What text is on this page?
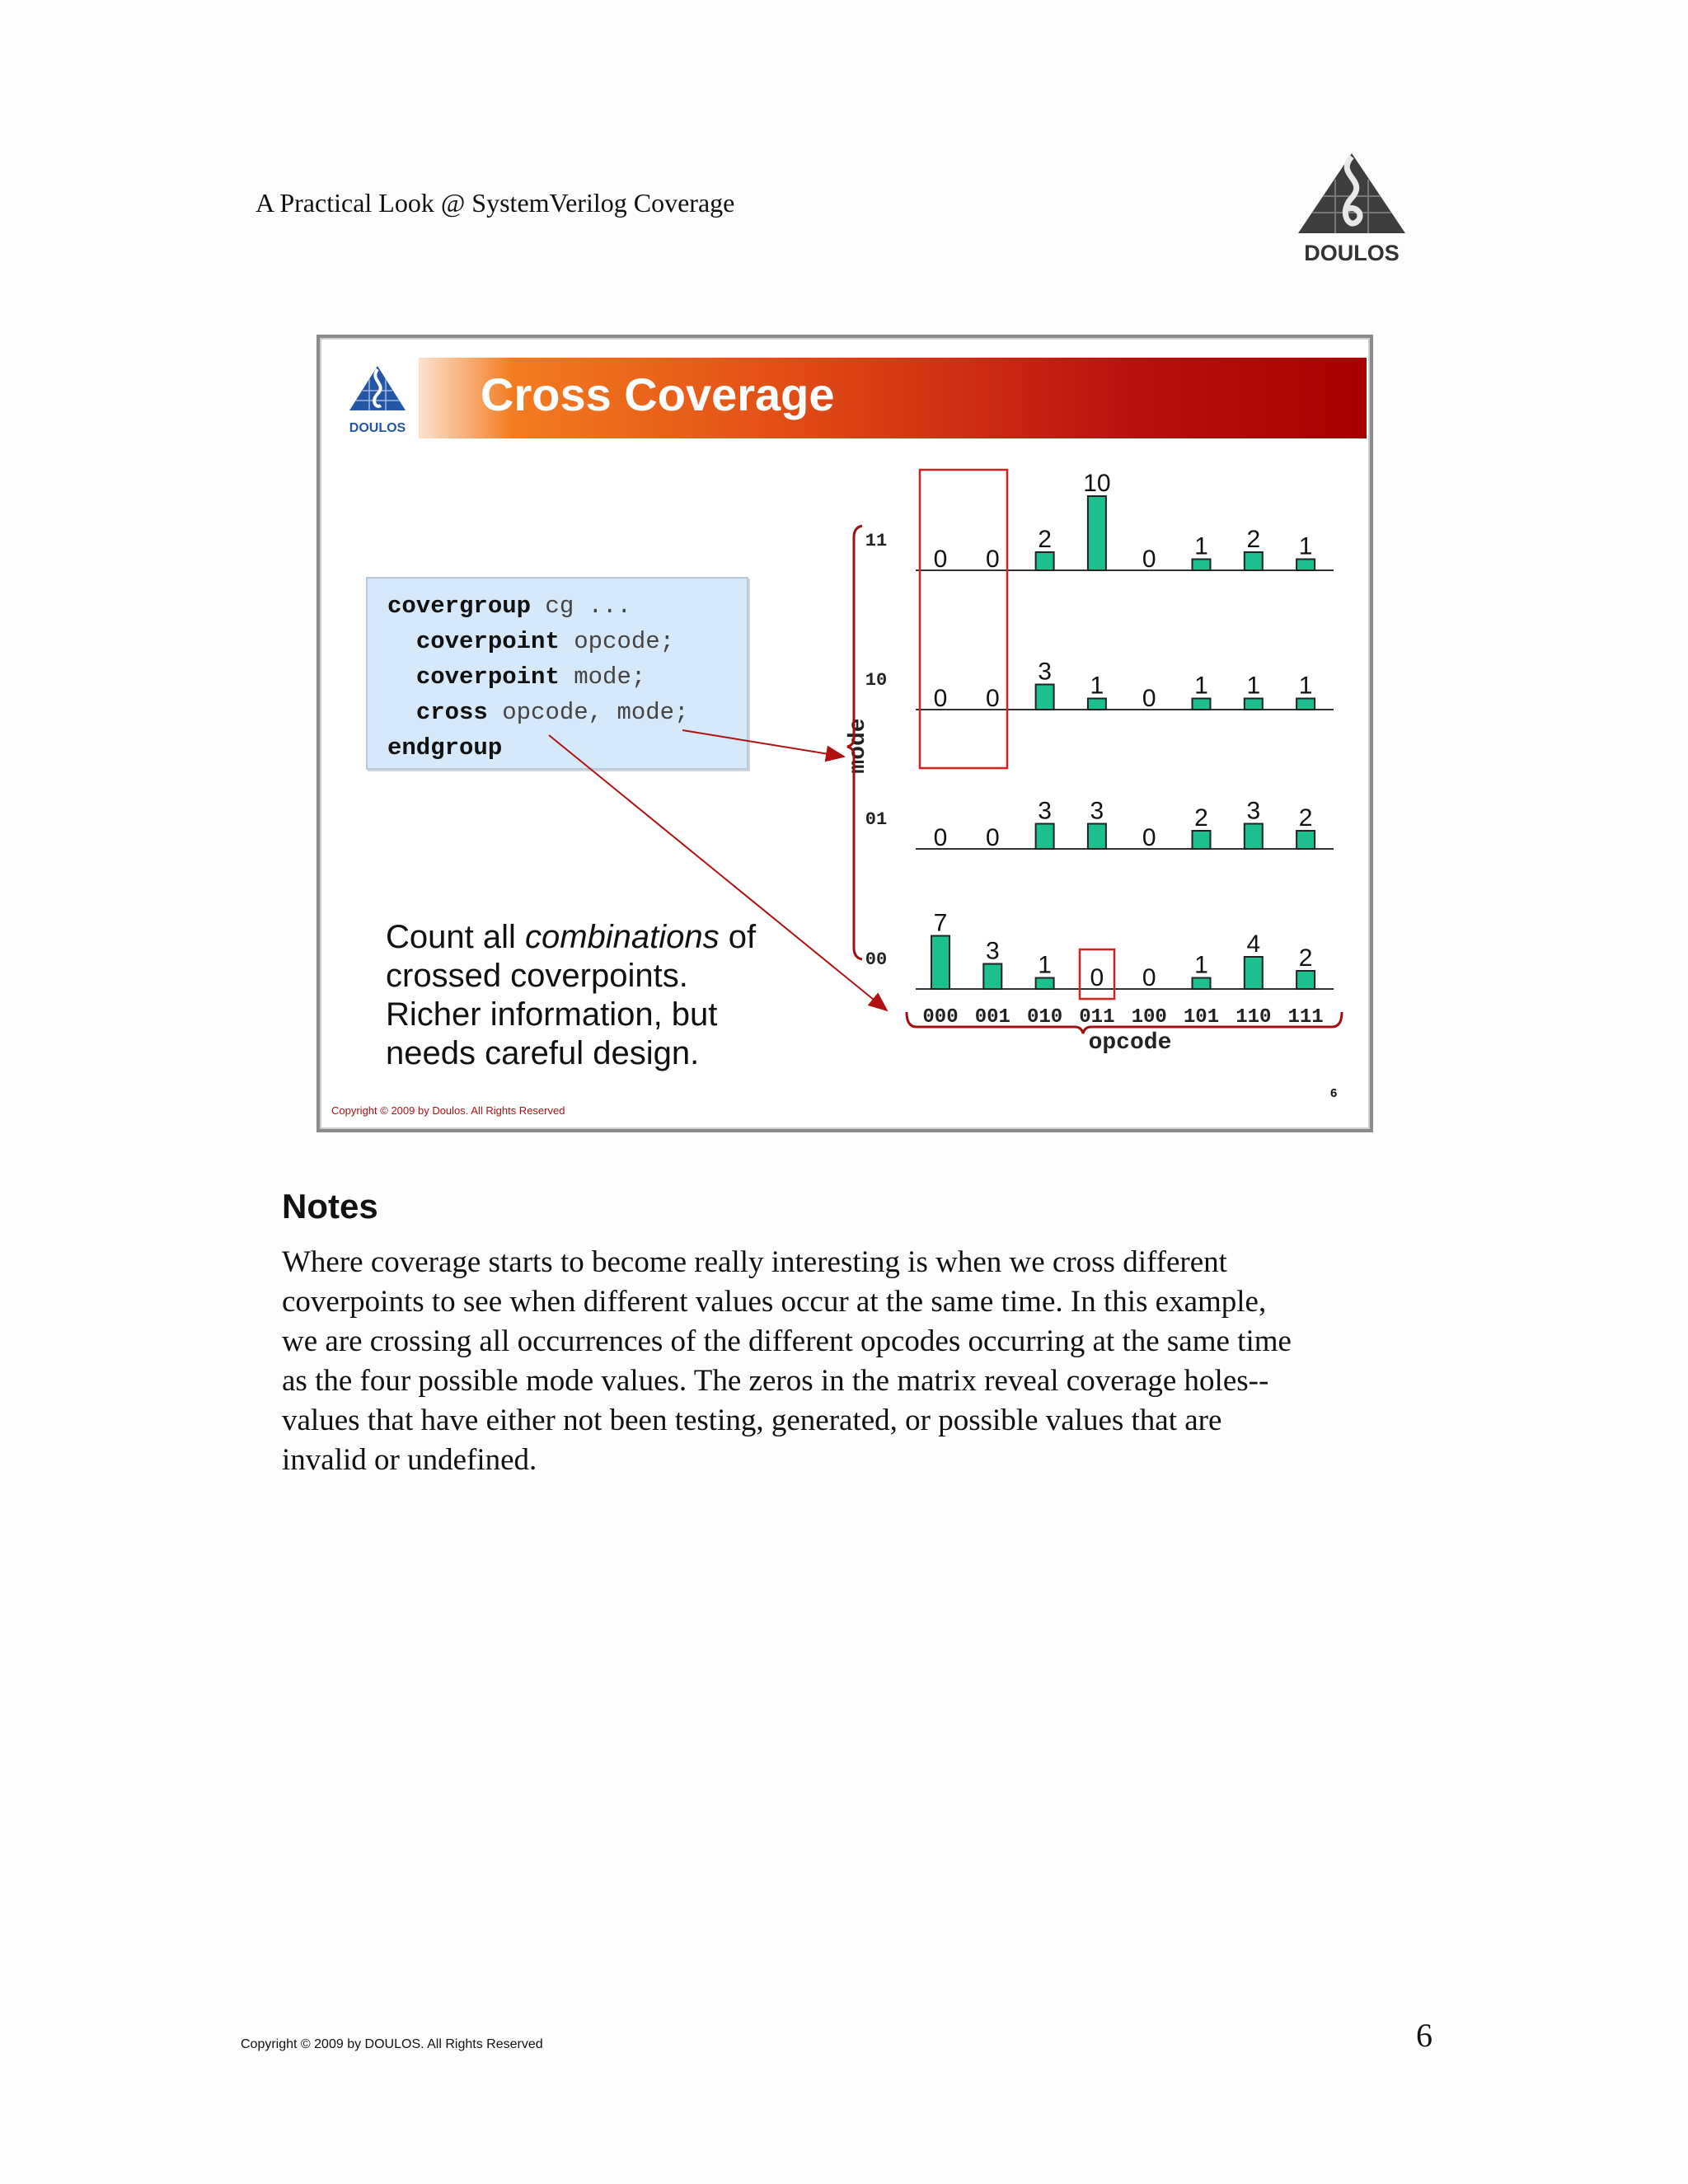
A Practical Look @ SystemVerilog Coverage
DOULOS
DOULOS
Cross Coverage
covergroup cg ...
coverpoint opcode;
coverpoint mode;
cross opcode, mode;
endgroup
Count all combinations of crossed coverpoints. Richer information, but needs careful design.
11
0 0
2
10
0 1 2 1
10
0 0
3
1 0 1 1 1
01
0 0
3 3
0
2 3 2
00
7
3
1 0 0 1
4
2
000 001 010 011 100 101 110 111
opcode
mode
Copyright © 2009 by Doulos. All Rights Reserved
6
Notes
Where coverage starts to become really interesting is when we cross different
coverpoints to see when different values occur at the same time. In this example,
we are crossing all occurrences of the different opcodes occurring at the same time
as the four possible mode values. The zeros in the matrix reveal coverage holes--
values that have either not been testing, generated, or possible values that are
invalid or undefined.
Copyright © 2009 by DOULOS. All Rights Reserved	6
